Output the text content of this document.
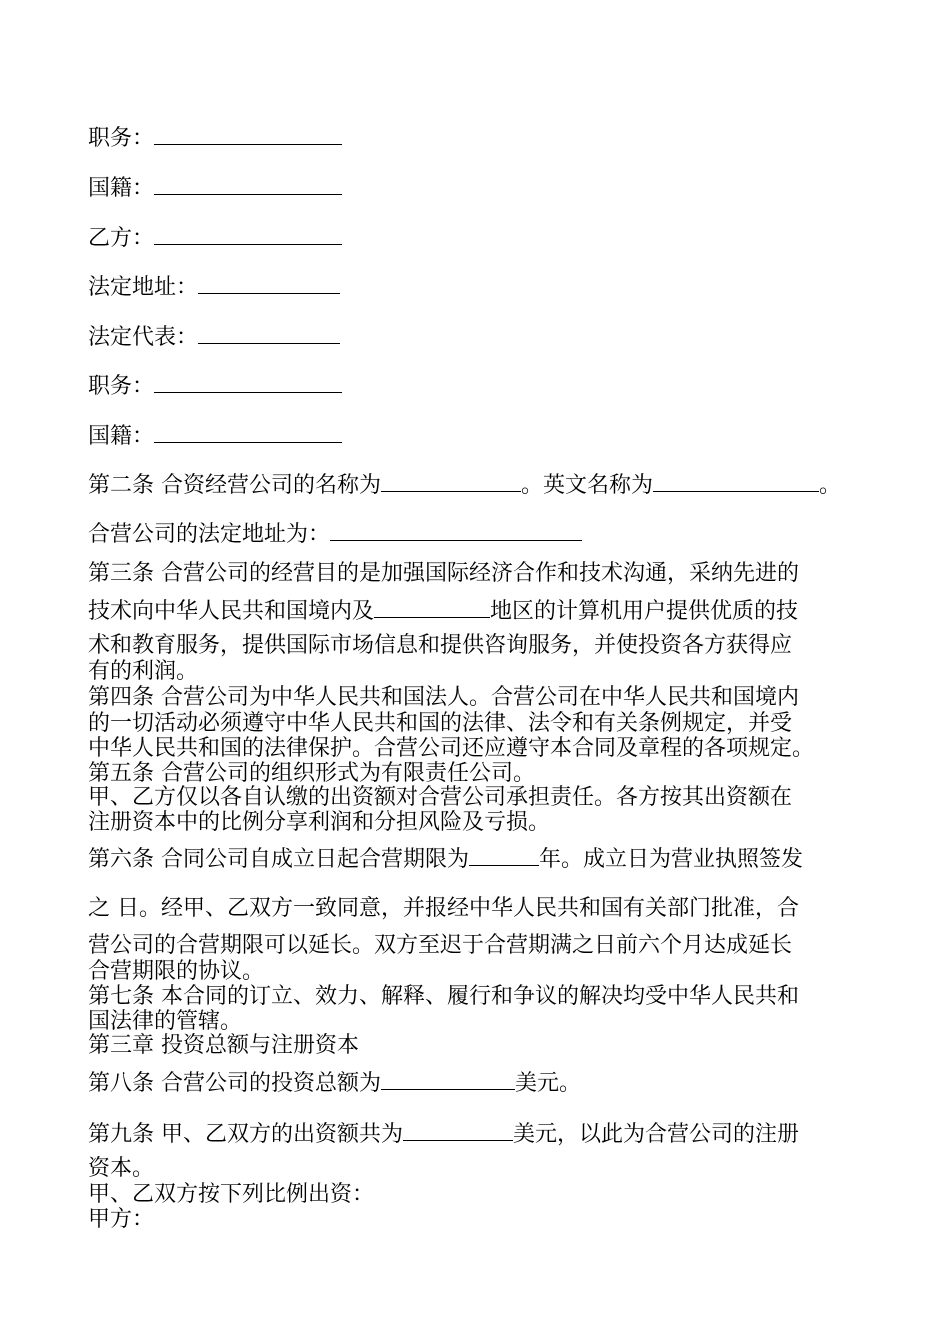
职务：
国籍：
乙方：
法定地址：
法定代表：
职务：
国籍：
第二条 合资经营公司的名称为	。英文名称为	。
合营公司的法定地址为：
第三条 合营公司的经营目的是加强国际经济合作和技术沟通，采纳先进的
技术向中华人民共和国境内及	地区的计算机用户提供优质的技
术和教育服务，提供国际市场信息和提供咨询服务，并使投资各方获得应
有的利润。
第四条 合营公司为中华人民共和国法人。合营公司在中华人民共和国境内
的一切活动必须遵守中华人民共和国的法律、法令和有关条例规定，并受
中华人民共和国的法律保护。合营公司还应遵守本合同及章程的各项规定。
第五条 合营公司的组织形式为有限责任公司。
甲、乙方仅以各自认缴的出资额对合营公司承担责任。各方按其出资额在
注册资本中的比例分享利润和分担风险及亏损。
第六条 合同公司自成立日起合营期限为	年。成立日为营业执照签发
之 日。经甲、乙双方一致同意，并报经中华人民共和国有关部门批准，合
营公司的合营期限可以延长。双方至迟于合营期满之日前六个月达成延长
合营期限的协议。
第七条 本合同的订立、效力、解释、履行和争议的解决均受中华人民共和
国法律的管辖。
第三章 投资总额与注册资本
第八条 合营公司的投资总额为	美元。
第九条 甲、乙双方的出资额共为	美元，以此为合营公司的注册
资本。
甲、乙双方按下列比例出资：
甲方：
